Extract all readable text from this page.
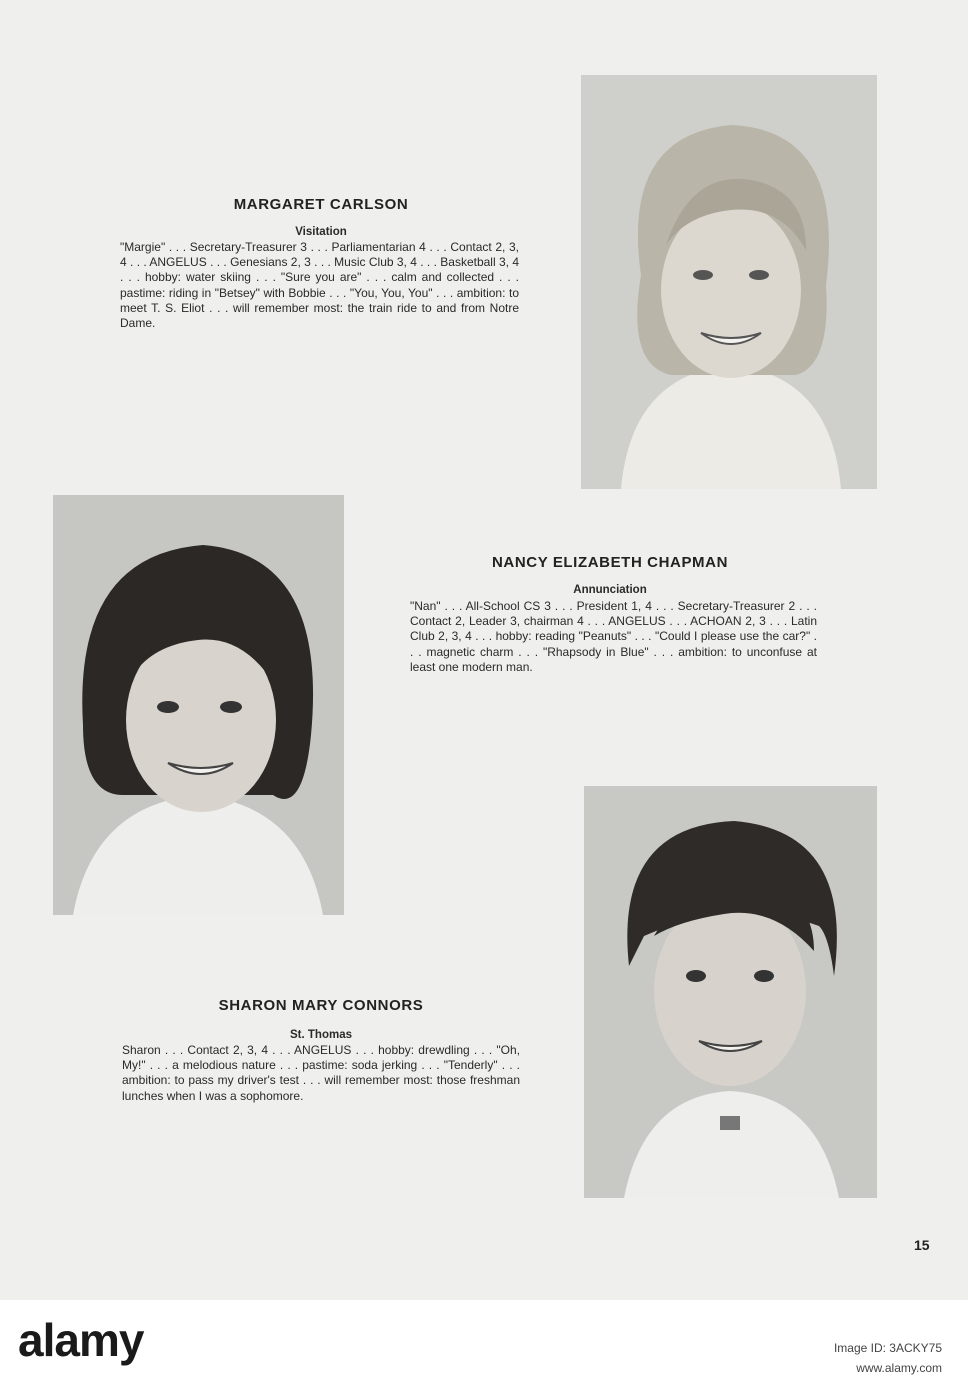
MARGARET CARLSON
Visitation

"Margie" . . . Secretary-Treasurer 3 . . . Parliamentarian 4 . . . Contact 2, 3, 4 . . . ANGELUS . . . Genesians 2, 3 . . . Music Club 3, 4 . . . Basketball 3, 4 . . . hobby: water skiing . . . "Sure you are" . . . calm and collected . . . pastime: riding in "Betsey" with Bobbie . . . "You, You, You" . . . ambition: to meet T. S. Eliot . . . will remember most: the train ride to and from Notre Dame.

NANCY ELIZABETH CHAPMAN
Annunciation

"Nan" . . . All-School CS 3 . . . President 1, 4 . . . Secretary-Treasurer 2 . . . Contact 2, Leader 3, chairman 4 . . . ANGELUS . . . ACHOAN 2, 3 . . . Latin Club 2, 3, 4 . . . hobby: reading "Peanuts" . . . "Could I please use the car?" . . . magnetic charm . . . "Rhapsody in Blue" . . . ambition: to unconfuse at least one modern man.

SHARON MARY CONNORS
St. Thomas

Sharon . . . Contact 2, 3, 4 . . . ANGELUS . . . hobby: drewdling . . . "Oh, My!" . . . a melodious nature . . . pastime: soda jerking . . . "Tenderly" . . . ambition: to pass my driver's test . . . will remember most: those freshman lunches when I was a sophomore.

15
alamy	Image ID: 3ACKY75
www.alamy.com
